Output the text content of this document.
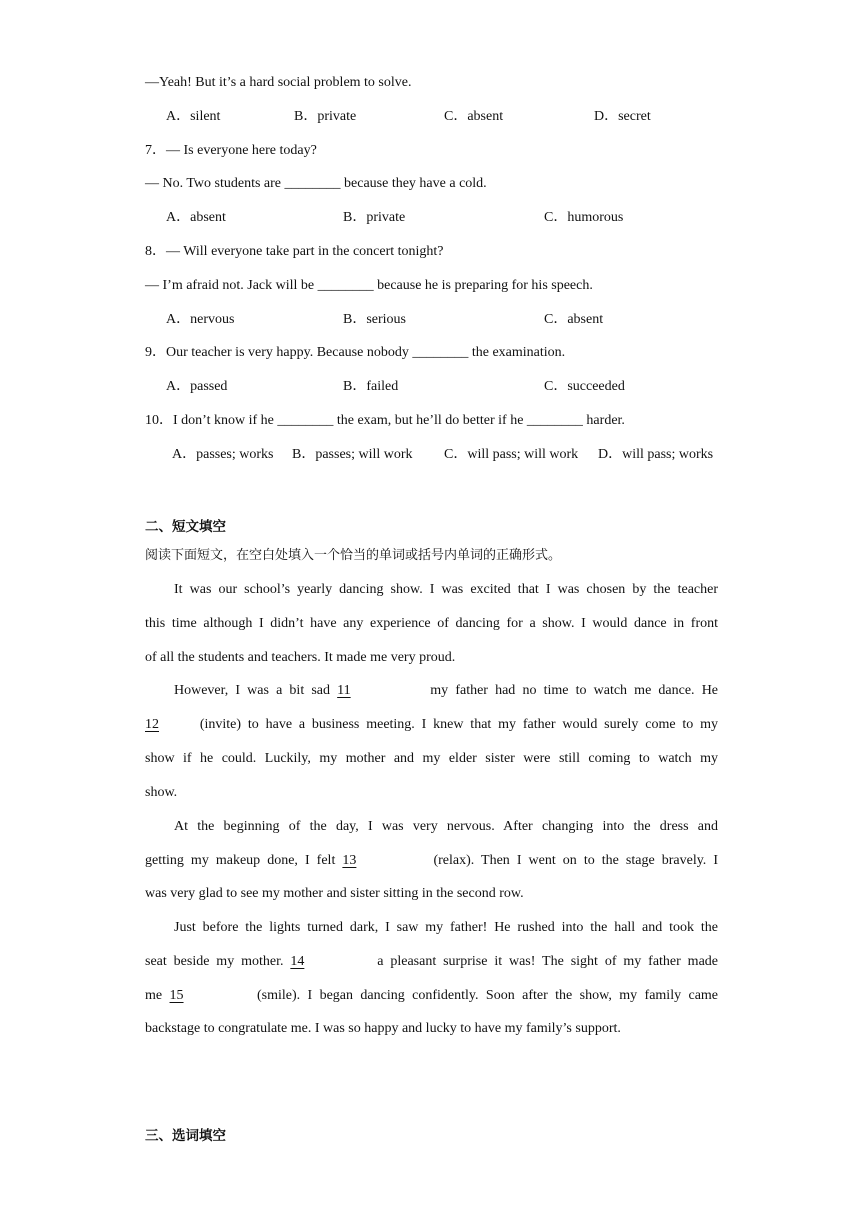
—Yeah! But it’s a hard social problem to solve.
A．silent	B．private	C．absent	D．secret
7．— Is everyone here today?
— No. Two students are ________ because they have a cold.
A．absent	B．private	C．humorous
8．— Will everyone take part in the concert tonight?
— I’m afraid not. Jack will be ________ because he is preparing for his speech.
A．nervous	B．serious	C．absent
9．Our teacher is very happy. Because nobody ________ the examination.
A．passed	B．failed	C．succeeded
10．I don’t know if he ________ the exam, but he’ll do better if he ________ harder.
A．passes; works B．passes; will work C．will pass; will work D．will pass; works
二、短文填空
阅读下面短文，在空白处填入一个恰当的单词或括号内单词的正确形式。
It was our school’s yearly dancing show. I was excited that I was chosen by the teacher
this time although I didn’t have any experience of dancing for a show. I would dance in front
of all the students and teachers. It made me very proud.
However, I was a bit sad 11	my father had no time to watch me dance. He
12	(invite) to have a business meeting. I knew that my father would surely come to my
show if he could. Luckily, my mother and my elder sister were still coming to watch my
show.
At the beginning of the day, I was very nervous. After changing into the dress and
getting my makeup done, I felt 13	(relax). Then I went on to the stage bravely. I
was very glad to see my mother and sister sitting in the second row.
Just before the lights turned dark, I saw my father! He rushed into the hall and took the
seat beside my mother. 14	a pleasant surprise it was! The sight of my father made
me 15	(smile). I began dancing confidently. Soon after the show, my family came
backstage to congratulate me. I was so happy and lucky to have my family’s support.
三、选词填空
